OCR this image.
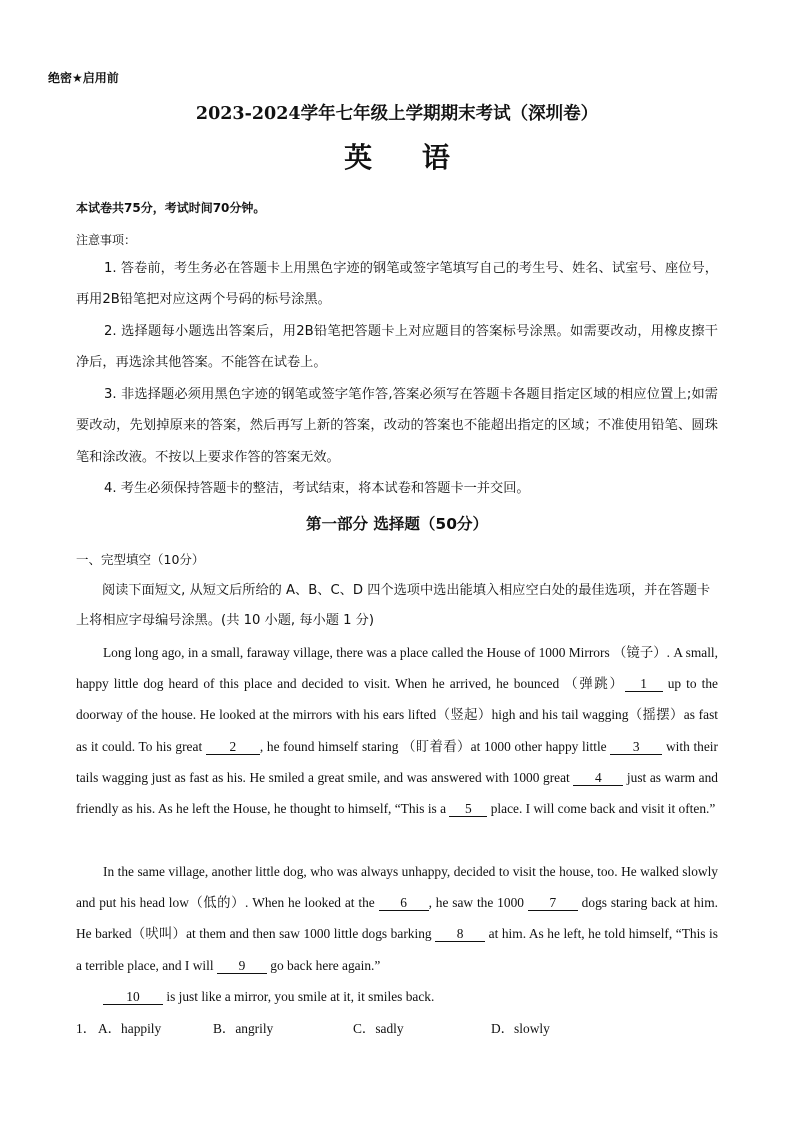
绝密★启用前
2023-2024学年七年级上学期期末考试（深圳卷）
英 语
本试卷共75分，考试时间70分钟。
注意事项：
1. 答卷前，考生务必在答题卡上用黑色字迹的钢笔或签字笔填写自己的考生号、姓名、试室号、座位号，再用2B铅笔把对应这两个号码的标号涂黑。
2. 选择题每小题选出答案后，用2B铅笔把答题卡上对应题目的答案标号涂黑。如需要改动，用橡皮擦干净后，再选涂其他答案。不能答在试卷上。
3. 非选择题必须用黑色字迹的钢笔或签字笔作答,答案必须写在答题卡各题目指定区域的相应位置上;如需要改动，先划掉原来的答案，然后再写上新的答案，改动的答案也不能超出指定的区域；不准使用铅笔、圆珠笔和涂改液。不按以上要求作答的答案无效。
4. 考生必须保持答题卡的整洁，考试结束，将本试卷和答题卡一并交回。
第一部分 选择题（50分）
一、完型填空（10分）
阅读下面短文, 从短文后所给的 A、B、C、D 四个选项中选出能填入相应空白处的最佳选项，并在答题卡上将相应字母编号涂黑。(共 10 小题, 每小题 1 分)
Long long ago, in a small, faraway village, there was a place called the House of 1000 Mirrors （镜子）. A small, happy little dog heard of this place and decided to visit. When he arrived, he bounced （弹跳） 1 up to the doorway of the house. He looked at the mirrors with his ears lifted（竖起）high and his tail wagging（摇摆）as fast as it could. To his great 2 , he found himself staring （盯着看）at 1000 other happy little 3 with their tails wagging just as fast as his. He smiled a great smile, and was answered with 1000 great 4 just as warm and friendly as his. As he left the House, he thought to himself, “This is a 5 place. I will come back and visit it often.”
In the same village, another little dog, who was always unhappy, decided to visit the house, too. He walked slowly and put his head low（低的）. When he looked at the 6 , he saw the 1000 7 dogs staring back at him. He barked（吠叫）at them and then saw 1000 little dogs barking 8 at him. As he left, he told himself, “This is a terrible place, and I will 9 go back here again.”
10 is just like a mirror, you smile at it, it smiles back.
1． A．happily	B．angrily	C．sadly	D．slowly
